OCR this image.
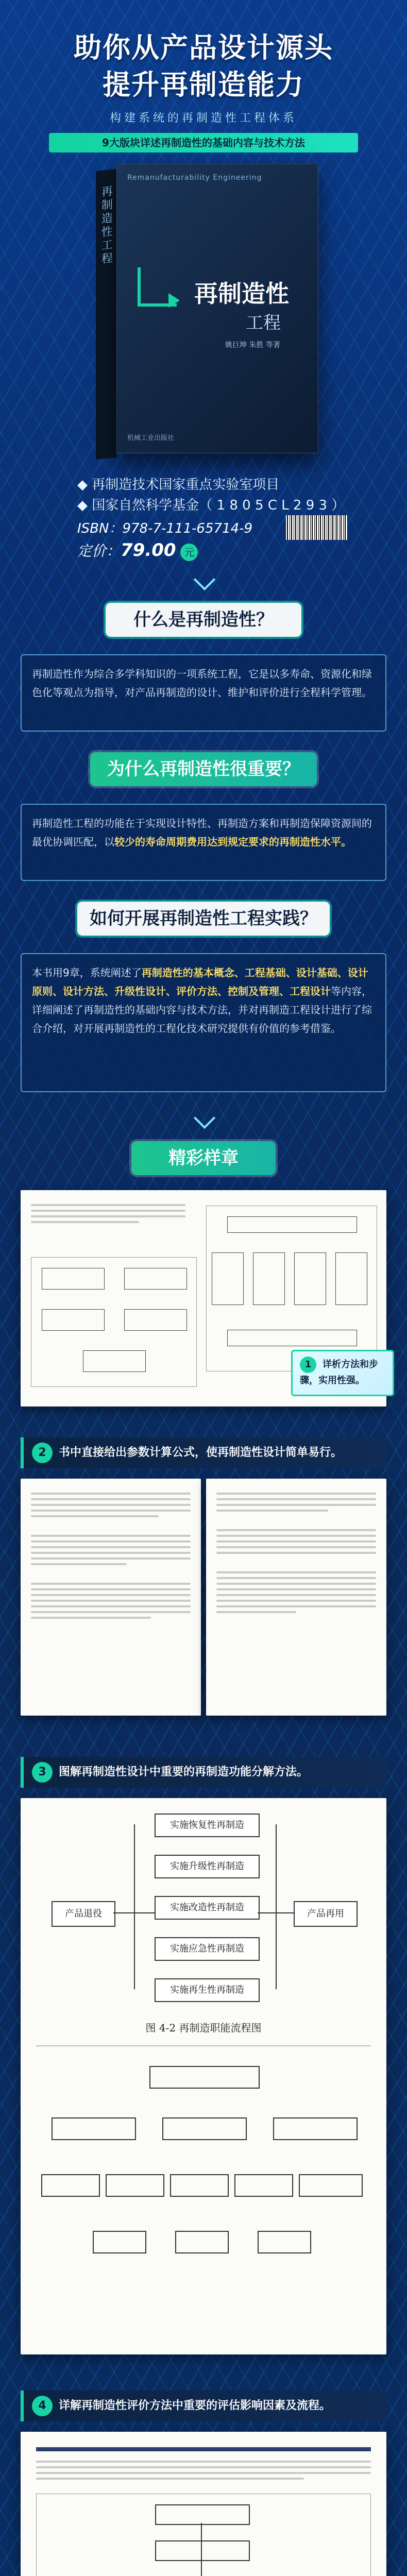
助你从产品设计源头
提升再制造能力
构建系统的再制造性工程体系
9大版块详述再制造性的基础内容与技术方法
再制造性工程
Remanufacturability Engineering
再制造性
工程
姚巨坤 朱胜 等著
机械工业出版社
◆ 再制造技术国家重点实验室项目
◆ 国家自然科学基金（ 1 8 0 5 C L 2 9 3 ）
ISBN：978-7-111-65714-9
定价：79.00 元
什么是再制造性？

再制造性作为综合多学科知识的一项系统工程，它是以多寿命、资源化和绿色化等观点为指导，对产品再制造的设计、维护和评价进行全程科学管理。

为什么再制造性很重要？

再制造性工程的功能在于实现设计特性、再制造方案和再制造保障资源间的最优协调匹配，以较少的寿命周期费用达到规定要求的再制造性水平。

如何开展再制造性工程实践？

本书用9章，系统阐述了再制造性的基本概念、工程基础、设计基础、设计原则、设计方法、升级性设计、评价方法、控制及管理、工程设计等内容，详细阐述了再制造性的基础内容与技术方法，并对再制造工程设计进行了综合介绍，对开展再制造性的工程化技术研究提供有价值的参考借鉴。

精彩样章
1 详析方法和步骤，实用性强。
2 书中直接给出参数计算公式，使再制造性设计简单易行。
3 图解再制造性设计中重要的再制造功能分解方法。
产品退役	产品再用
实施恢复性再制造
实施升级性再制造
实施改造性再制造
实施应急性再制造
实施再生性再制造
图 4-2 再制造职能流程图
4 详解再制造性评价方法中重要的评估影响因素及流程。
